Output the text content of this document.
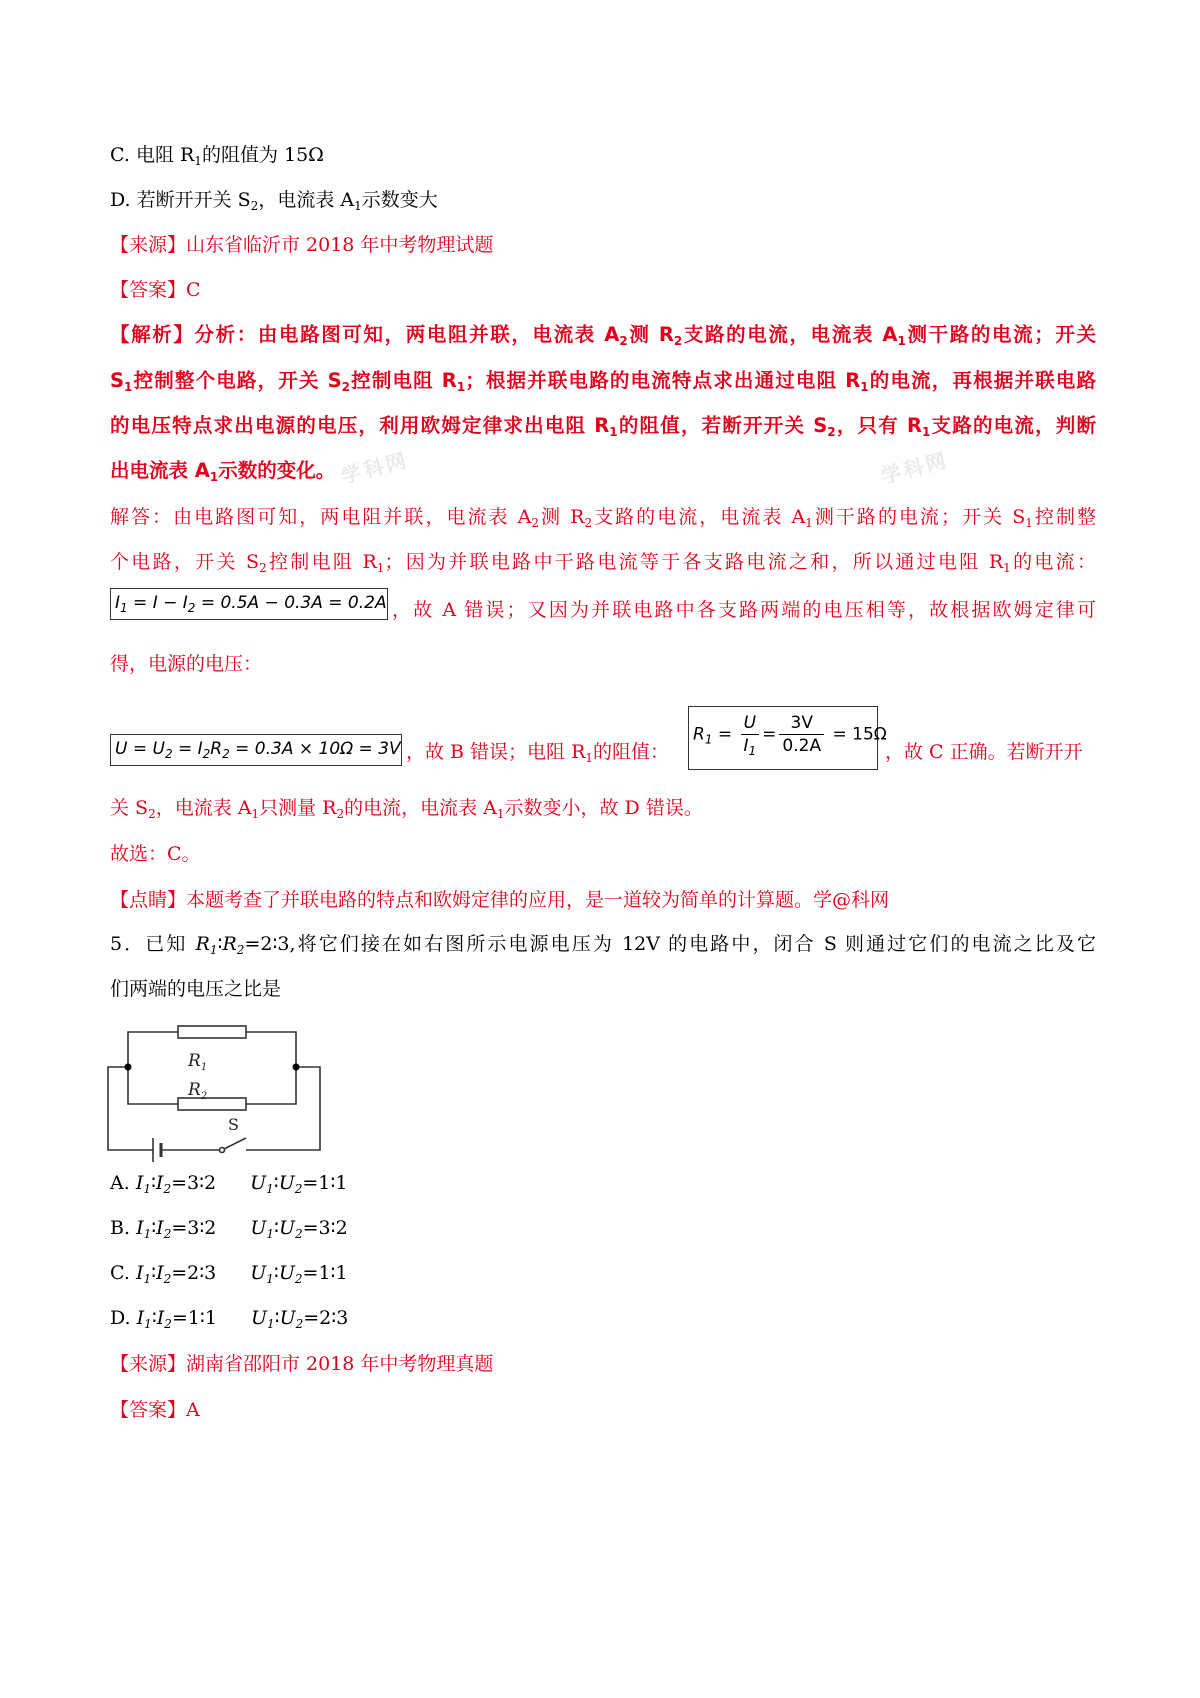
学科网	学科网
C. 电阻 $R_1$的阻值为 15Ω
D. 若断开开关 $S_2$，电流表 $A_1$示数变大
【来源】山东省临沂市 2018 年中考物理试题
【答案】C
【解析】分析：由电路图可知，两电阻并联，电流表 $A_2$测 $R_2$支路的电流，电流表 $A_1$测干路的电流；开关
$S_1$控制整个电路，开关 $S_2$控制电阻 $R_1$；根据并联电路的电流特点求出通过电阻 $R_1$的电流，再根据并联电路
的电压特点求出电源的电压，利用欧姆定律求出电阻 $R_1$的阻值，若断开开关 $S_2$，只有 $R_1$支路的电流，判断
出电流表 $A_1$示数的变化。
解答：由电路图可知，两电阻并联，电流表 $A_2$测 $R_2$支路的电流，电流表 $A_1$测干路的电流；开关 $S_1$控制整
个电路，开关 $S_2$控制电阻 $R_1$；因为并联电路中干路电流等于各支路电流之和，所以通过电阻 $R_1$的电流：
$I_1 = I - I_2 = 0.5A - 0.3A = 0.2A$ ，故 A 错误；又因为并联电路中各支路两端的电压相等，故根据欧姆定律可
得，电源的电压：
$U = U_2 = I_2R_2 = 0.3A \times 10\Omega = 3V$ ，故 B 错误；电阻 $R_1$的阻值：
$R_1 = \frac{U}{I_1} = \frac{3V}{0.2A} = 15\Omega$
，故 C 正确。若断开开
关 $S_2$，电流表 $A_1$只测量 $R_2$的电流，电流表 $A_1$示数变小，故 D 错误。
故选：C。
【点睛】本题考查了并联电路的特点和欧姆定律的应用，是一道较为简单的计算题。学@科网
5．已知 $R_1∶R_2=2∶3$,将它们接在如右图所示电源电压为 12V 的电路中，闭合 S 则通过它们的电流之比及它
们两端的电压之比是
$R_1$
$R_2$
S
A. $I_1∶I_2=3∶2$ $U_1∶U_2=1∶1$
B. $I_1∶I_2=3∶2$ $U_1∶U_2=3∶2$
C. $I_1∶I_2=2∶3$ $U_1∶U_2=1∶1$
D. $I_1∶I_2=1∶1$ $U_1∶U_2=2∶3$
【来源】湖南省邵阳市 2018 年中考物理真题
【答案】A
